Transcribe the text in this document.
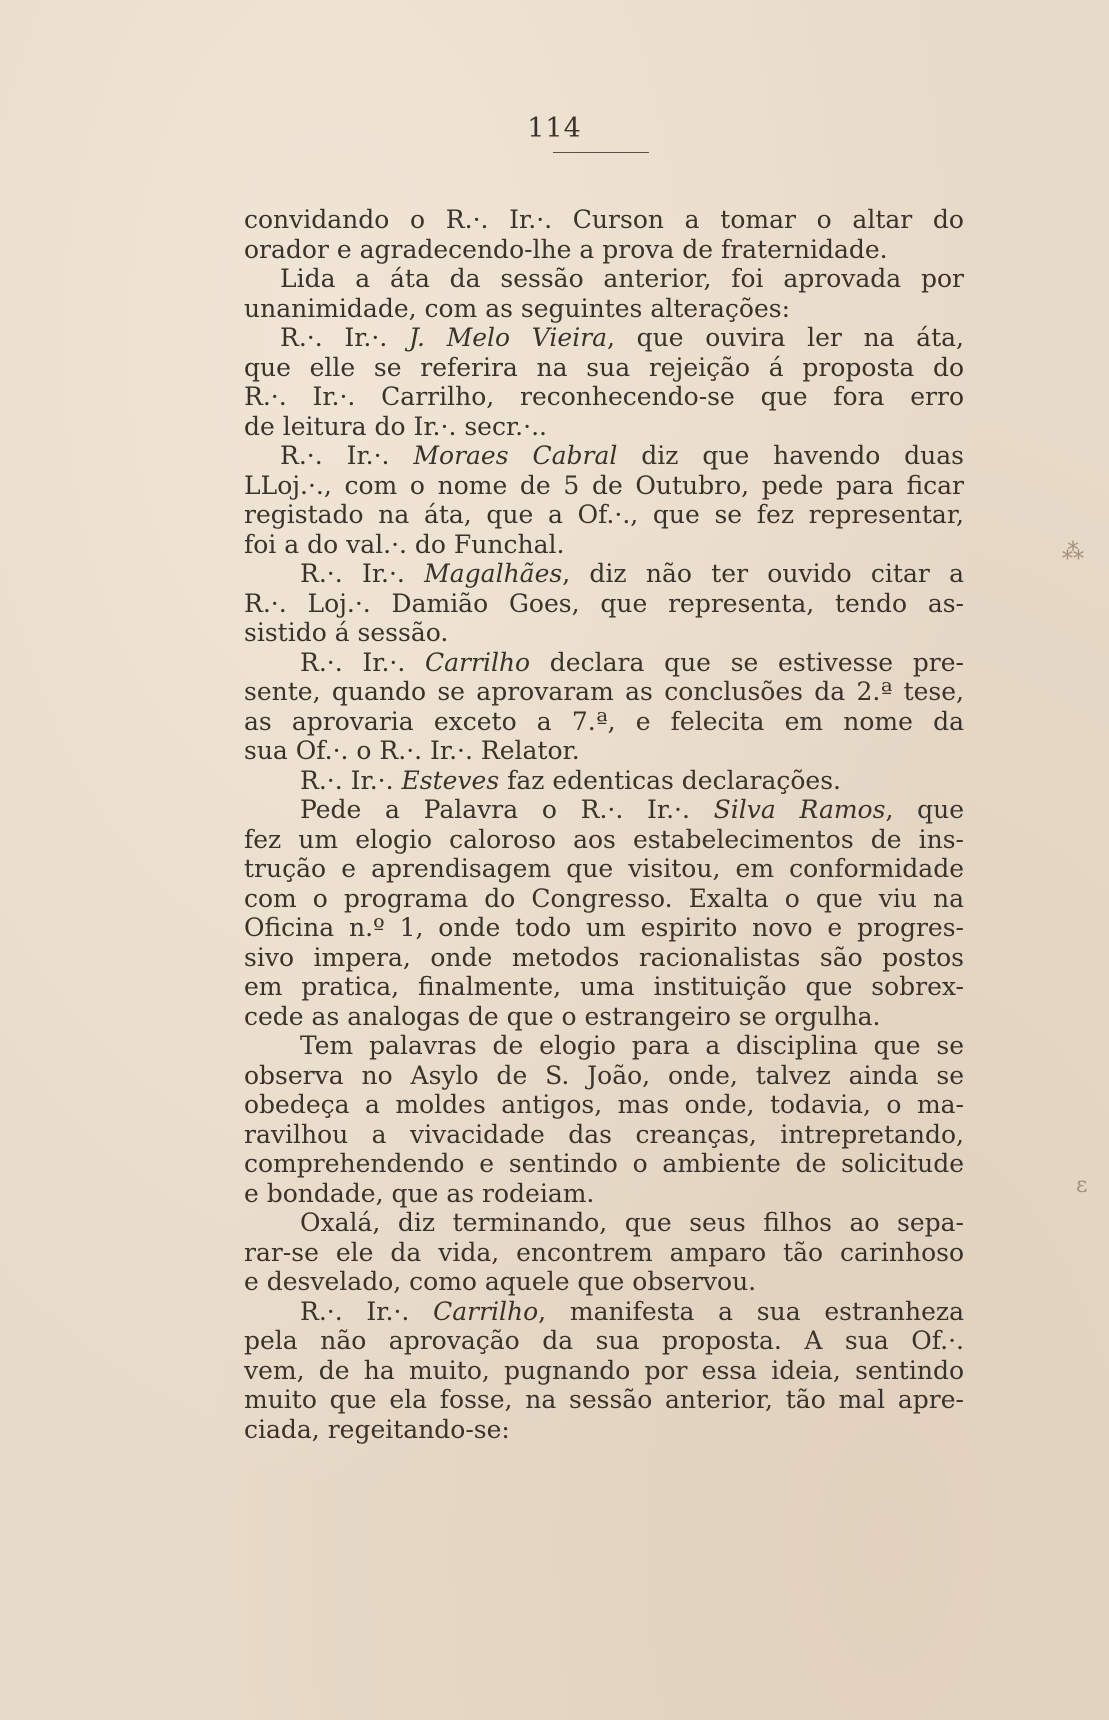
114
convidando o R.·. Ir.·. Curson a tomar o altar do
orador e agradecendo-lhe a prova de fraternidade.
Lida a áta da sessão anterior, foi aprovada por
unanimidade, com as seguintes alterações:
R.·. Ir.·. J. Melo Vieira, que ouvira ler na áta,
que elle se referira na sua rejeição á proposta do
R.·. Ir.·. Carrilho, reconhecendo-se que fora erro
de leitura do Ir.·. secr.·..
R.·. Ir.·. Moraes Cabral diz que havendo duas
LLoj.·., com o nome de 5 de Outubro, pede para ficar
registado na áta, que a Of.·., que se fez representar,
foi a do val.·. do Funchal.
R.·. Ir.·. Magalhães, diz não ter ouvido citar a
R.·. Loj.·. Damião Goes, que representa, tendo as-
sistido á sessão.
R.·. Ir.·. Carrilho declara que se estivesse pre-
sente, quando se aprovaram as conclusões da 2.ª tese,
as aprovaria exceto a 7.ª, e felecita em nome da
sua Of.·. o R.·. Ir.·. Relator.
R.·. Ir.·. Esteves faz edenticas declarações.
Pede a Palavra o R.·. Ir.·. Silva Ramos, que
fez um elogio caloroso aos estabelecimentos de ins-
trução e aprendisagem que visitou, em conformidade
com o programa do Congresso. Exalta o que viu na
Oficina n.º 1, onde todo um espirito novo e progres-
sivo impera, onde metodos racionalistas são postos
em pratica, finalmente, uma instituição que sobrex-
cede as analogas de que o estrangeiro se orgulha.
Tem palavras de elogio para a disciplina que se
observa no Asylo de S. João, onde, talvez ainda se
obedeça a moldes antigos, mas onde, todavia, o ma-
ravilhou a vivacidade das creanças, intrepretando,
comprehendendo e sentindo o ambiente de solicitude
e bondade, que as rodeiam.
Oxalá, diz terminando, que seus filhos ao sepa-
rar-se ele da vida, encontrem amparo tão carinhoso
e desvelado, como aquele que observou.
R.·. Ir.·. Carrilho, manifesta a sua estranheza
pela não aprovação da sua proposta. A sua Of.·.
vem, de ha muito, pugnando por essa ideia, sentindo
muito que ela fosse, na sessão anterior, tão mal apre-
ciada, regeitando-se:
⁂
ɛ
